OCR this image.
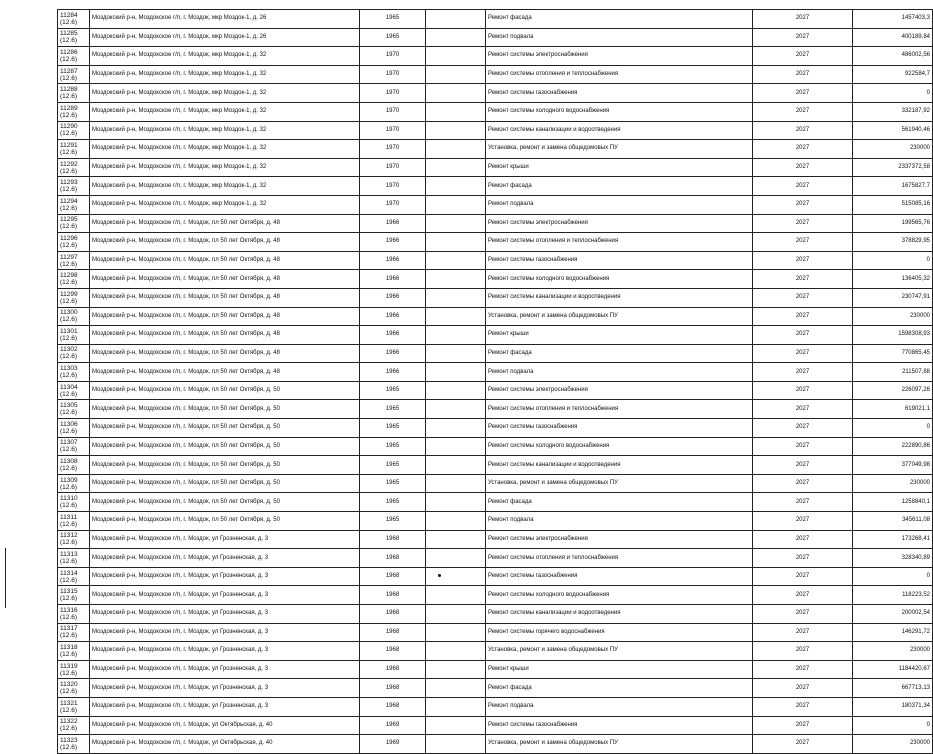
11284
(12.6)	Моздокский р-н, Моздокское г/п, г. Моздок, мкр Моздок-1, д. 26	1965		Ремонт фасада	2027	1457403,3
11285
(12.6)	Моздокский р-н, Моздокское г/п, г. Моздок, мкр Моздок-1, д. 26	1965		Ремонт подвала	2027	400189,84
11286
(12.6)	Моздокский р-н, Моздокское г/п, г. Моздок, мкр Моздок-1, д. 32	1970		Ремонт системы электроснабжения	2027	486002,56
11287
(12.6)	Моздокский р-н, Моздокское г/п, г. Моздок, мкр Моздок-1, д. 32	1970		Ремонт системы отопления и теплоснабжения	2027	922584,7
11288
(12.6)	Моздокский р-н, Моздокское г/п, г. Моздок, мкр Моздок-1, д. 32	1970		Ремонт системы газоснабжения	2027	0
11289
(12.6)	Моздокский р-н, Моздокское г/п, г. Моздок, мкр Моздок-1, д. 32	1970		Ремонт системы холодного водоснабжения	2027	332187,92
11290
(12.6)	Моздокский р-н, Моздокское г/п, г. Моздок, мкр Моздок-1, д. 32	1970		Ремонт системы канализации и водоотведения	2027	561940,46
11291
(12.6)	Моздокский р-н, Моздокское г/п, г. Моздок, мкр Моздок-1, д. 32	1970		Установка, ремонт и замена общедомовых ПУ	2027	230000
11292
(12.6)	Моздокский р-н, Моздокское г/п, г. Моздок, мкр Моздок-1, д. 32	1970		Ремонт крыши	2027	2337372,58
11293
(12.6)	Моздокский р-н, Моздокское г/п, г. Моздок, мкр Моздок-1, д. 32	1970		Ремонт фасада	2027	1675827,7
11294
(12.6)	Моздокский р-н, Моздокское г/п, г. Моздок, мкр Моздок-1, д. 32	1970		Ремонт подвала	2027	515085,16
11295
(12.6)	Моздокский р-н, Моздокское г/п, г. Моздок, пл 50 лет Октября, д. 48	1966		Ремонт системы электроснабжения	2027	199565,76
11296
(12.6)	Моздокский р-н, Моздокское г/п, г. Моздок, пл 50 лет Октября, д. 48	1966		Ремонт системы отопления и теплоснабжения	2027	378829,95
11297
(12.6)	Моздокский р-н, Моздокское г/п, г. Моздок, пл 50 лет Октября, д. 48	1966		Ремонт системы газоснабжения	2027	0
11298
(12.6)	Моздокский р-н, Моздокское г/п, г. Моздок, пл 50 лет Октября, д. 48	1966		Ремонт системы холодного водоснабжения	2027	136405,32
11299
(12.6)	Моздокский р-н, Моздокское г/п, г. Моздок, пл 50 лет Октября, д. 48	1966		Ремонт системы канализации и водоотведения	2027	230747,91
11300
(12.6)	Моздокский р-н, Моздокское г/п, г. Моздок, пл 50 лет Октября, д. 48	1966		Установка, ремонт и замена общедомовых ПУ	2027	230000
11301
(12.6)	Моздокский р-н, Моздокское г/п, г. Моздок, пл 50 лет Октября, д. 48	1966		Ремонт крыши	2027	1598308,93
11302
(12.6)	Моздокский р-н, Моздокское г/п, г. Моздок, пл 50 лет Октября, д. 48	1966		Ремонт фасада	2027	770865,45
11303
(12.6)	Моздокский р-н, Моздокское г/п, г. Моздок, пл 50 лет Октября, д. 48	1966		Ремонт подвала	2027	211507,88
11304
(12.6)	Моздокский р-н, Моздокское г/п, г. Моздок, пл 50 лет Октября, д. 50	1965		Ремонт системы электроснабжения	2027	226097,26
11305
(12.6)	Моздокский р-н, Моздокское г/п, г. Моздок, пл 50 лет Октября, д. 50	1965		Ремонт системы отопления и теплоснабжения	2027	619021,1
11306
(12.6)	Моздокский р-н, Моздокское г/п, г. Моздок, пл 50 лет Октября, д. 50	1965		Ремонт системы газоснабжения	2027	0
11307
(12.6)	Моздокский р-н, Моздокское г/п, г. Моздок, пл 50 лет Октября, д. 50	1965		Ремонт системы холодного водоснабжения	2027	222890,86
11308
(12.6)	Моздокский р-н, Моздокское г/п, г. Моздок, пл 50 лет Октября, д. 50	1965		Ремонт системы канализации и водоотведения	2027	377049,98
11309
(12.6)	Моздокский р-н, Моздокское г/п, г. Моздок, пл 50 лет Октября, д. 50	1965		Установка, ремонт и замена общедомовых ПУ	2027	230000
11310
(12.6)	Моздокский р-н, Моздокское г/п, г. Моздок, пл 50 лет Октября, д. 50	1965		Ремонт фасада	2027	1258840,1
11311
(12.6)	Моздокский р-н, Моздокское г/п, г. Моздок, пл 50 лет Октября, д. 50	1965		Ремонт подвала	2027	345611,08
11312
(12.6)	Моздокский р-н, Моздокское г/п, г. Моздок, ул Грозненская, д. 3	1968		Ремонт системы электроснабжения	2027	173268,41
11313
(12.6)	Моздокский р-н, Моздокское г/п, г. Моздок, ул Грозненская, д. 3	1968		Ремонт системы отопления и теплоснабжения	2027	328340,89
11314
(12.6)	Моздокский р-н, Моздокское г/п, г. Моздок, ул Грозненская, д. 3	1968		Ремонт системы газоснабжения	2027	0
11315
(12.6)	Моздокский р-н, Моздокское г/п, г. Моздок, ул Грозненская, д. 3	1968		Ремонт системы холодного водоснабжения	2027	118223,52
11316
(12.6)	Моздокский р-н, Моздокское г/п, г. Моздок, ул Грозненская, д. 3	1968		Ремонт системы канализации и водоотведения	2027	200002,54
11317
(12.6)	Моздокский р-н, Моздокское г/п, г. Моздок, ул Грозненская, д. 3	1968		Ремонт системы горячего водоснабжения	2027	146291,72
11318
(12.6)	Моздокский р-н, Моздокское г/п, г. Моздок, ул Грозненская, д. 3	1968		Установка, ремонт и замена общедомовых ПУ	2027	230000
11319
(12.6)	Моздокский р-н, Моздокское г/п, г. Моздок, ул Грозненская, д. 3	1968		Ремонт крыши	2027	1184420,67
11320
(12.6)	Моздокский р-н, Моздокское г/п, г. Моздок, ул Грозненская, д. 3	1968		Ремонт фасада	2027	667713,13
11321
(12.6)	Моздокский р-н, Моздокское г/п, г. Моздок, ул Грозненская, д. 3	1968		Ремонт подвала	2027	180371,34
11322
(12.6)	Моздокский р-н, Моздокское г/п, г. Моздок, ул Октябрьская, д. 40	1969		Ремонт системы газоснабжения	2027	0
11323
(12.6)	Моздокский р-н, Моздокское г/п, г. Моздок, ул Октябрьская, д. 40	1969		Установка, ремонт и замена общедомовых ПУ	2027	230000
